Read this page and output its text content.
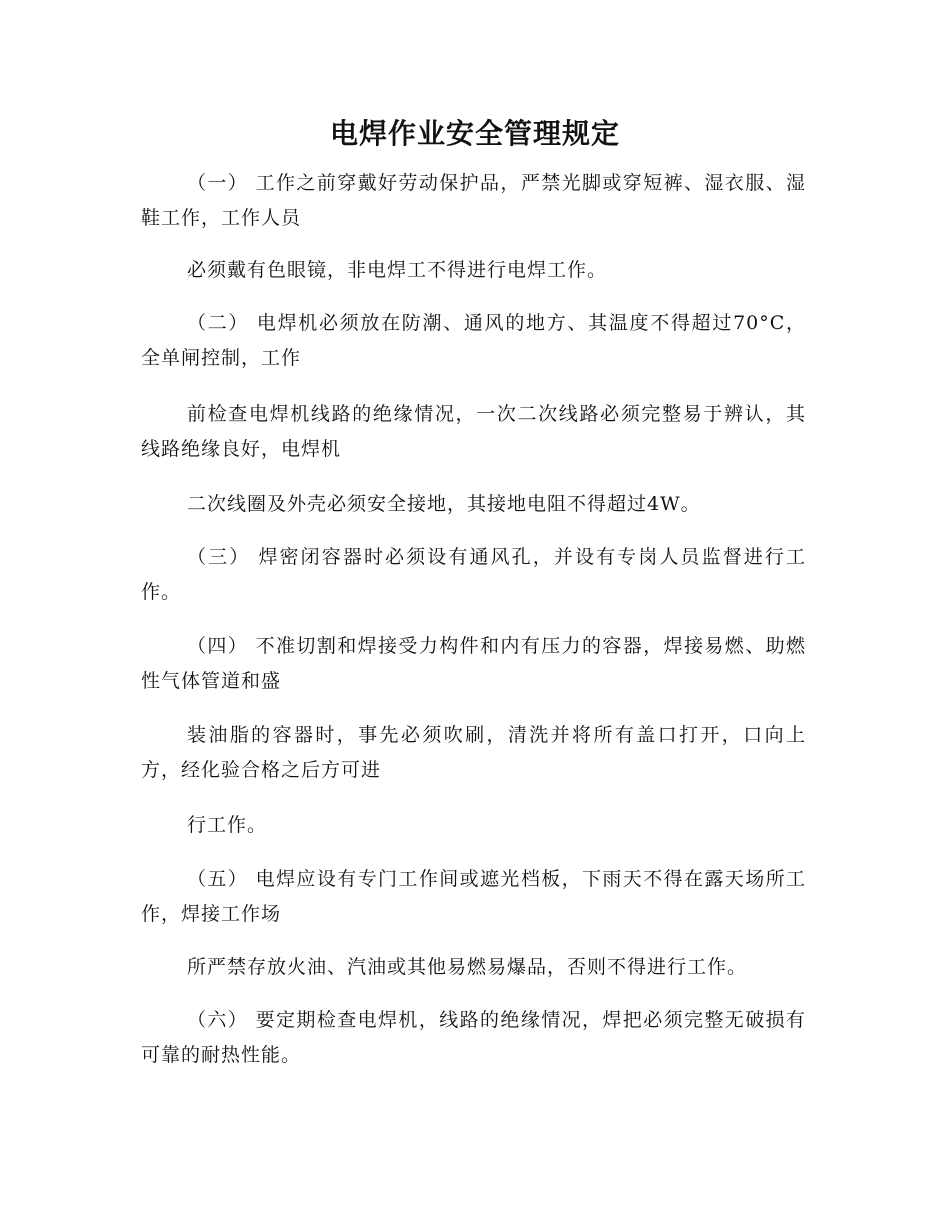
电焊作业安全管理规定

（一） 工作之前穿戴好劳动保护品，严禁光脚或穿短裤、湿衣服、湿鞋工作，工作人员

必须戴有色眼镜，非电焊工不得进行电焊工作。

（二） 电焊机必须放在防潮、通风的地方、其温度不得超过70°C，全单闸控制，工作

前检查电焊机线路的绝缘情况，一次二次线路必须完整易于辨认，其线路绝缘良好，电焊机

二次线圈及外壳必须安全接地，其接地电阻不得超过4W。

（三） 焊密闭容器时必须设有通风孔，并设有专岗人员监督进行工作。

（四） 不准切割和焊接受力构件和内有压力的容器，焊接易燃、助燃性气体管道和盛

装油脂的容器时，事先必须吹刷，清洗并将所有盖口打开，口向上方，经化验合格之后方可进

行工作。

（五） 电焊应设有专门工作间或遮光档板，下雨天不得在露天场所工作，焊接工作场

所严禁存放火油、汽油或其他易燃易爆品，否则不得进行工作。

（六） 要定期检查电焊机，线路的绝缘情况，焊把必须完整无破损有可靠的耐热性能。
